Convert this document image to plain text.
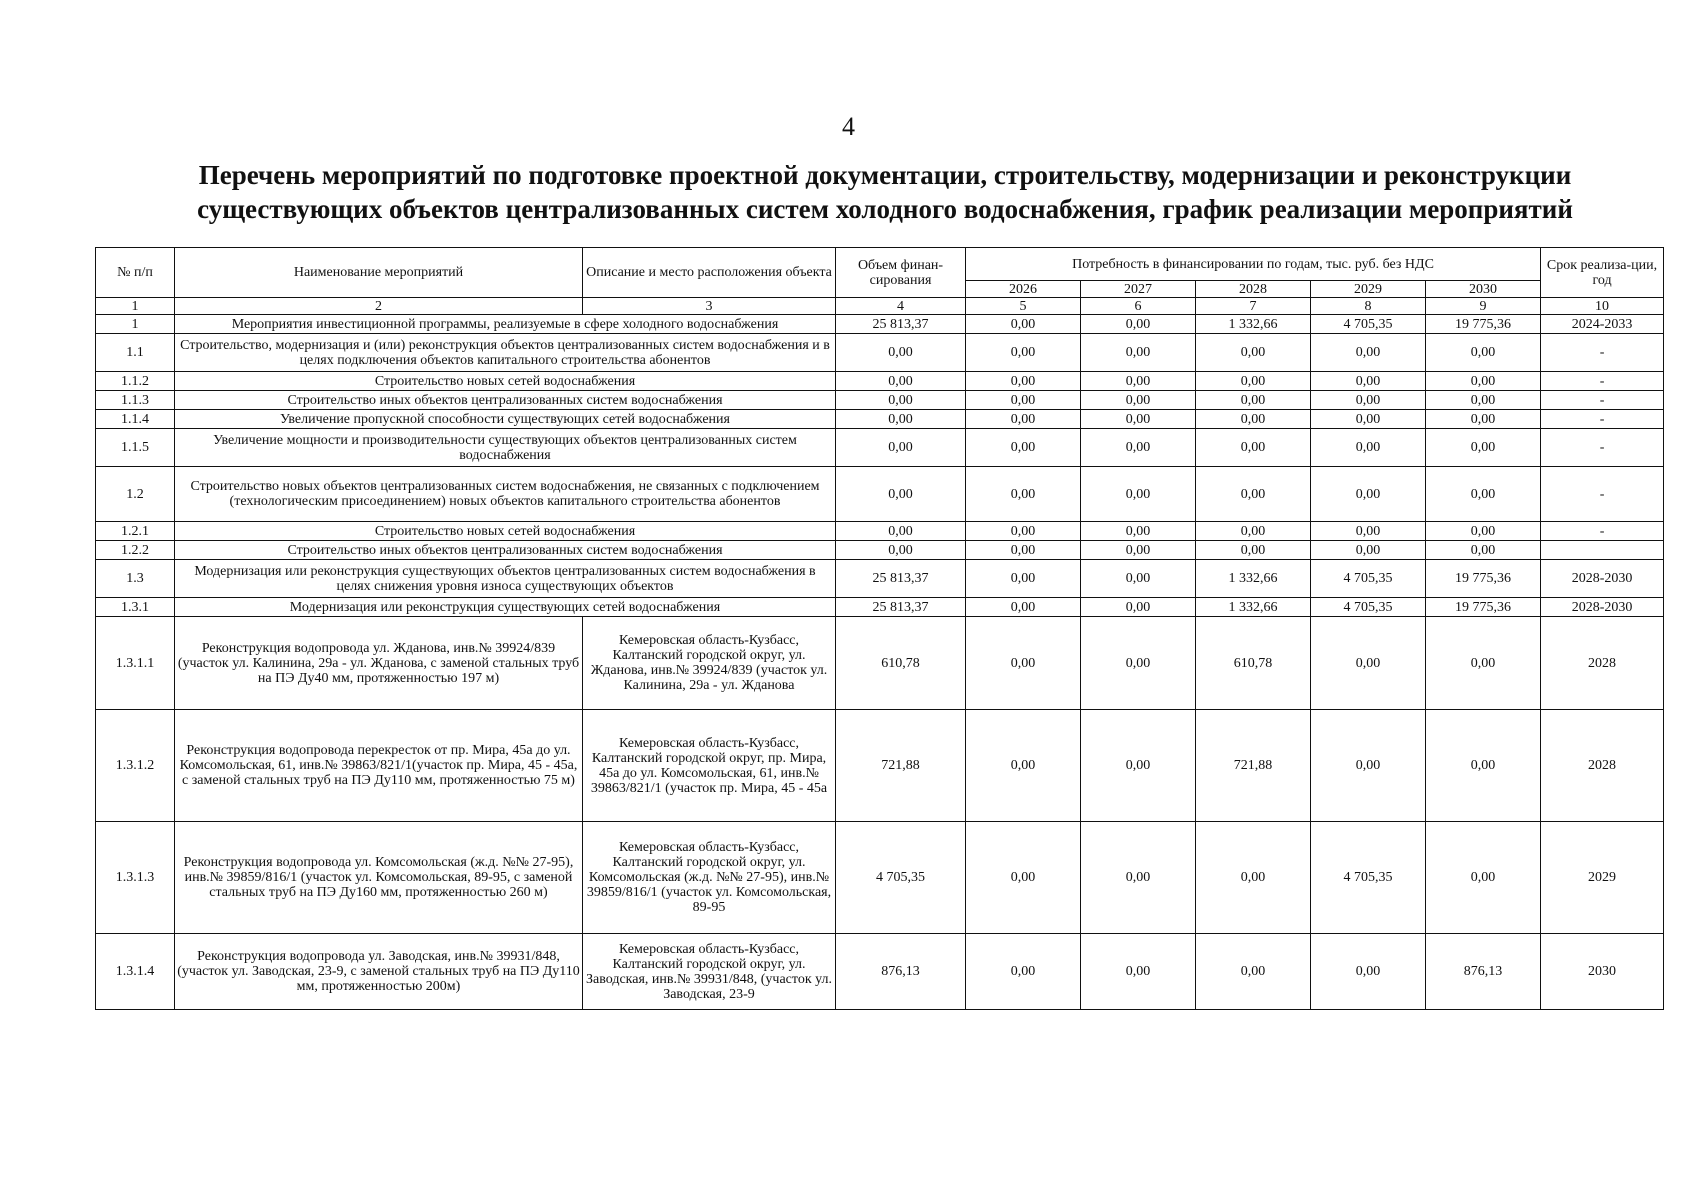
4
Перечень мероприятий по подготовке проектной документации, строительству, модернизации и реконструкции
существующих объектов централизованных систем холодного водоснабжения, график реализации мероприятий
№ п/п	Наименование мероприятий	Описание и место расположения объекта	Объем финан-сирования	Потребность в финансировании по годам, тыс. руб. без НДС					Срок реализа-ции, год
				2026	2027	2028	2029	2030	
1	2	3	4	5	6	7	8	9	10
1	Мероприятия инвестиционной программы, реализуемые в сфере холодного водоснабжения		25 813,37	0,00	0,00	1 332,66	4 705,35	19 775,36	2024-2033
1.1	Строительство, модернизация и (или) реконструкция объектов централизованных систем водоснабжения и в целях подключения объектов капитального строительства абонентов		0,00	0,00	0,00	0,00	0,00	0,00	-
1.1.2	Строительство новых сетей водоснабжения		0,00	0,00	0,00	0,00	0,00	0,00	-
1.1.3	Строительство иных объектов централизованных систем водоснабжения		0,00	0,00	0,00	0,00	0,00	0,00	-
1.1.4	Увеличение пропускной способности существующих сетей водоснабжения		0,00	0,00	0,00	0,00	0,00	0,00	-
1.1.5	Увеличение мощности и производительности существующих объектов централизованных систем водоснабжения		0,00	0,00	0,00	0,00	0,00	0,00	-
1.2	Строительство новых объектов централизованных систем водоснабжения, не связанных с подключением (технологическим присоединением) новых объектов капитального строительства абонентов		0,00	0,00	0,00	0,00	0,00	0,00	-
1.2.1	Строительство новых сетей водоснабжения		0,00	0,00	0,00	0,00	0,00	0,00	-
1.2.2	Строительство иных объектов централизованных систем водоснабжения		0,00	0,00	0,00	0,00	0,00	0,00	
1.3	Модернизация или реконструкция существующих объектов централизованных систем водоснабжения в целях снижения уровня износа существующих объектов		25 813,37	0,00	0,00	1 332,66	4 705,35	19 775,36	2028-2030
1.3.1	Модернизация или реконструкция существующих сетей водоснабжения		25 813,37	0,00	0,00	1 332,66	4 705,35	19 775,36	2028-2030
1.3.1.1	Реконструкция водопровода ул. Жданова, инв.№ 39924/839 (участок ул. Калинина, 29а - ул. Жданова, с заменой стальных труб на ПЭ Ду40 мм, протяженностью 197 м)	Кемеровская область-Кузбасс, Калтанский городской округ, ул. Жданова, инв.№ 39924/839 (участок ул. Калинина, 29а - ул. Жданова	610,78	0,00	0,00	610,78	0,00	0,00	2028
1.3.1.2	Реконструкция водопровода перекресток от пр. Мира, 45а до ул. Комсомольская, 61, инв.№ 39863/821/1(участок пр. Мира, 45 - 45а, с заменой стальных труб на ПЭ Ду110 мм, протяженностью 75 м)	Кемеровская область-Кузбасс, Калтанский городской округ, пр. Мира, 45а до ул. Комсомольская, 61, инв.№ 39863/821/1 (участок пр. Мира, 45 - 45а	721,88	0,00	0,00	721,88	0,00	0,00	2028
1.3.1.3	Реконструкция водопровода ул. Комсомольская (ж.д. №№ 27-95), инв.№ 39859/816/1 (участок ул. Комсомольская, 89-95, с заменой стальных труб на ПЭ Ду160 мм, протяженностью 260 м)	Кемеровская область-Кузбасс, Калтанский городской округ, ул. Комсомольская (ж.д. №№ 27-95), инв.№ 39859/816/1 (участок ул. Комсомольская, 89-95	4 705,35	0,00	0,00	0,00	4 705,35	0,00	2029
1.3.1.4	Реконструкция водопровода ул. Заводская, инв.№ 39931/848, (участок ул. Заводская, 23-9, с заменой стальных труб на ПЭ Ду110 мм, протяженностью 200м)	Кемеровская область-Кузбасс, Калтанский городской округ, ул. Заводская, инв.№ 39931/848, (участок ул. Заводская, 23-9	876,13	0,00	0,00	0,00	0,00	876,13	2030
